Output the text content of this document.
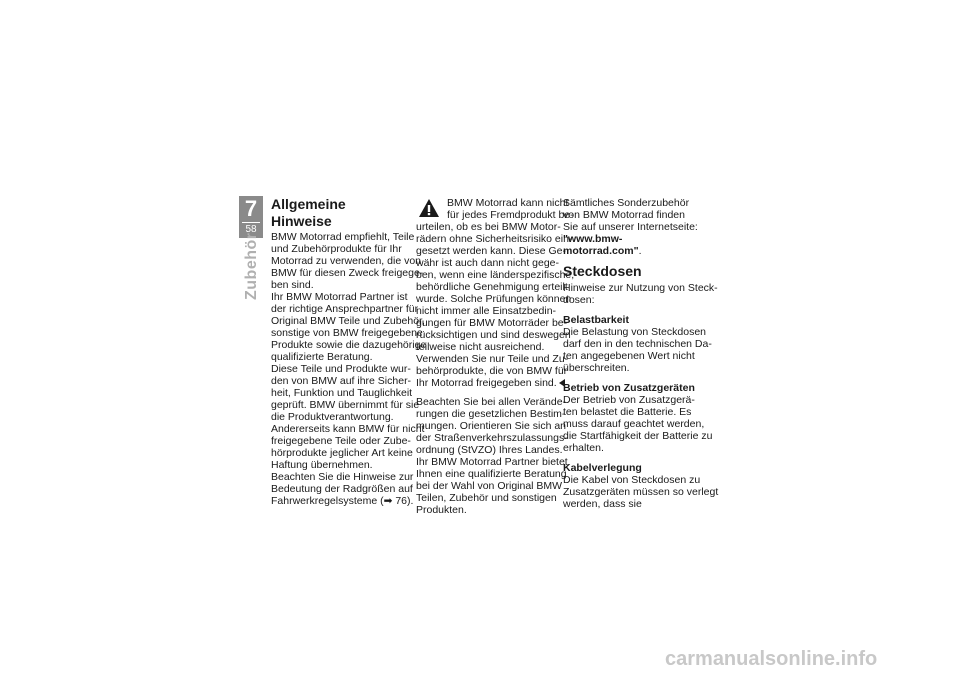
7
58
Zubehör
Allgemeine Hinweise
BMW Motorrad empfiehlt, Teile
und Zubehörprodukte für Ihr
Motorrad zu verwenden, die von
BMW für diesen Zweck freigege-
ben sind.
Ihr BMW Motorrad Partner ist
der richtige Ansprechpartner für
Original BMW Teile und Zubehör,
sonstige von BMW freigegebene
Produkte sowie die dazugehörige
qualifizierte Beratung.
Diese Teile und Produkte wur-
den von BMW auf ihre Sicher-
heit, Funktion und Tauglichkeit
geprüft. BMW übernimmt für sie
die Produktverantwortung.
Andererseits kann BMW für nicht
freigegebene Teile oder Zube-
hörprodukte jeglicher Art keine
Haftung übernehmen.
Beachten Sie die Hinweise zur
Bedeutung der Radgrößen auf
Fahrwerkregelsysteme (➡ 76).
BMW Motorrad kann nicht
für jedes Fremdprodukt be-
urteilen, ob es bei BMW Motor-
rädern ohne Sicherheitsrisiko ein-
gesetzt werden kann. Diese Ge-
währ ist auch dann nicht gege-
ben, wenn eine länderspezifische,
behördliche Genehmigung erteilt
wurde. Solche Prüfungen können
nicht immer alle Einsatzbedin-
gungen für BMW Motorräder be-
rücksichtigen und sind deswegen
teilweise nicht ausreichend.
Verwenden Sie nur Teile und Zu-
behörprodukte, die von BMW für
Ihr Motorrad freigegeben sind.
Beachten Sie bei allen Verände-
rungen die gesetzlichen Bestim-
mungen. Orientieren Sie sich an
der Straßenverkehrszulassungs-
ordnung (StVZO) Ihres Landes.
Ihr BMW Motorrad Partner bietet
Ihnen eine qualifizierte Beratung
bei der Wahl von Original BMW
Teilen, Zubehör und sonstigen
Produkten.
Sämtliches Sonderzubehör
von BMW Motorrad finden
Sie auf unserer Internetseite:
"www.bmw-motorrad.com".
Steckdosen
Hinweise zur Nutzung von Steck-
dosen:
Belastbarkeit
Die Belastung von Steckdosen
darf den in den technischen Da-
ten angegebenen Wert nicht
überschreiten.
Betrieb von Zusatzgeräten
Der Betrieb von Zusatzgerä-
ten belastet die Batterie. Es
muss darauf geachtet werden,
die Startfähigkeit der Batterie zu
erhalten.
Kabelverlegung
Die Kabel von Steckdosen zu
Zusatzgeräten müssen so verlegt
werden, dass sie
carmanualsonline.info
